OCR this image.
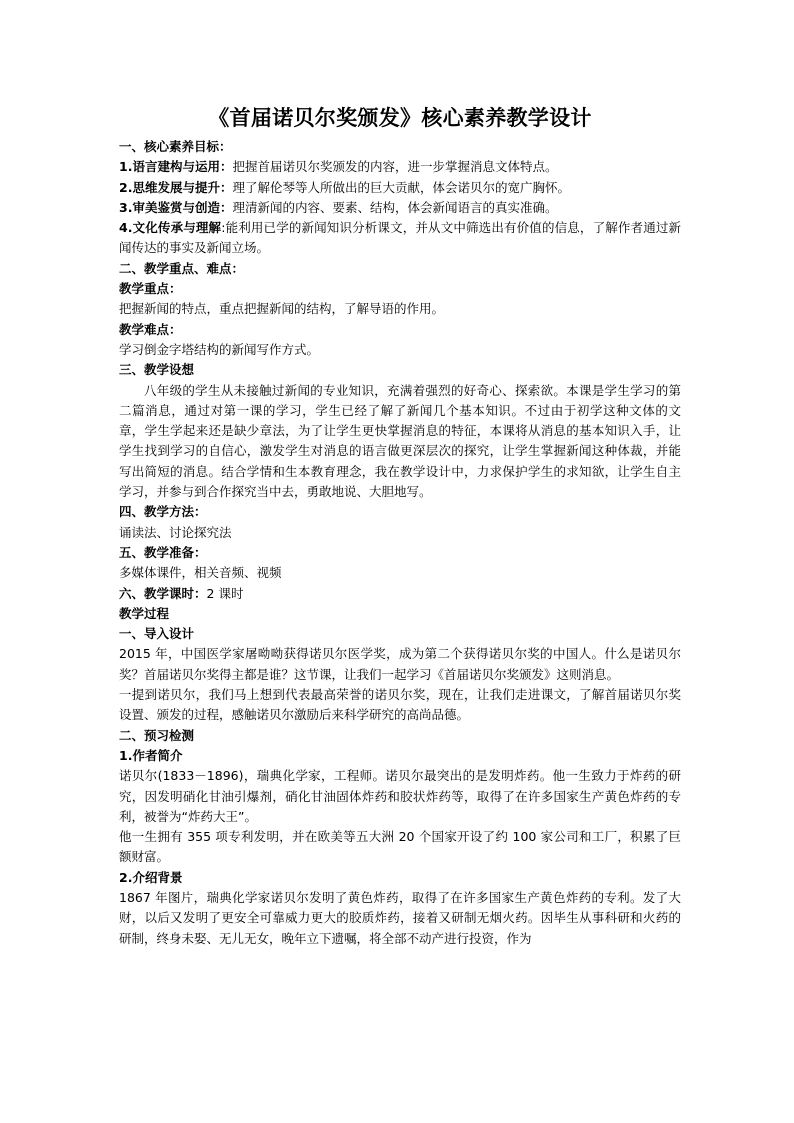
《首届诺贝尔奖颁发》核心素养教学设计

一、核心素养目标：

1.语言建构与运用：把握首届诺贝尔奖颁发的内容，进一步掌握消息文体特点。

2.思维发展与提升：理了解伦琴等人所做出的巨大贡献，体会诺贝尔的宽广胸怀。

3.审美鉴赏与创造：理清新闻的内容、要素、结构，体会新闻语言的真实准确。

4.文化传承与理解:能利用已学的新闻知识分析课文，并从文中筛选出有价值的信息，了解作者通过新闻传达的事实及新闻立场。

二、教学重点、难点：

教学重点：

把握新闻的特点，重点把握新闻的结构，了解导语的作用。

教学难点：

学习倒金字塔结构的新闻写作方式。

三、教学设想

八年级的学生从未接触过新闻的专业知识，充满着强烈的好奇心、探索欲。本课是学生学习的第二篇消息，通过对第一课的学习，学生已经了解了新闻几个基本知识。不过由于初学这种文体的文章，学生学起来还是缺少章法，为了让学生更快掌握消息的特征，本课将从消息的基本知识入手，让学生找到学习的自信心，激发学生对消息的语言做更深层次的探究，让学生掌握新闻这种体裁，并能写出简短的消息。结合学情和生本教育理念，我在教学设计中，力求保护学生的求知欲，让学生自主学习，并参与到合作探究当中去，勇敢地说、大胆地写。

四、教学方法：

诵读法、讨论探究法

五、教学准备：

多媒体课件，相关音频、视频

六、教学课时：2 课时

教学过程

一、导入设计

2015 年，中国医学家屠呦呦获得诺贝尔医学奖，成为第二个获得诺贝尔奖的中国人。什么是诺贝尔奖？首届诺贝尔奖得主都是谁？这节课，让我们一起学习《首届诺贝尔奖颁发》这则消息。

一提到诺贝尔，我们马上想到代表最高荣誉的诺贝尔奖，现在，让我们走进课文，了解首届诺贝尔奖设置、颁发的过程，感触诺贝尔激励后来科学研究的高尚品德。

二、预习检测

1.作者简介

诺贝尔(1833－1896)，瑞典化学家，工程师。诺贝尔最突出的是发明炸药。他一生致力于炸药的研究，因发明硝化甘油引爆剂，硝化甘油固体炸药和胶状炸药等，取得了在许多国家生产黄色炸药的专利，被誉为“炸药大王”。

他一生拥有 355 项专利发明，并在欧美等五大洲 20 个国家开设了约 100 家公司和工厂，积累了巨额财富。

2.介绍背景

1867 年图片，瑞典化学家诺贝尔发明了黄色炸药，取得了在许多国家生产黄色炸药的专利。发了大财，以后又发明了更安全可靠威力更大的胶质炸药，接着又研制无烟火药。因毕生从事科研和火药的研制，终身未娶、无儿无女，晚年立下遗嘱，将全部不动产进行投资，作为
